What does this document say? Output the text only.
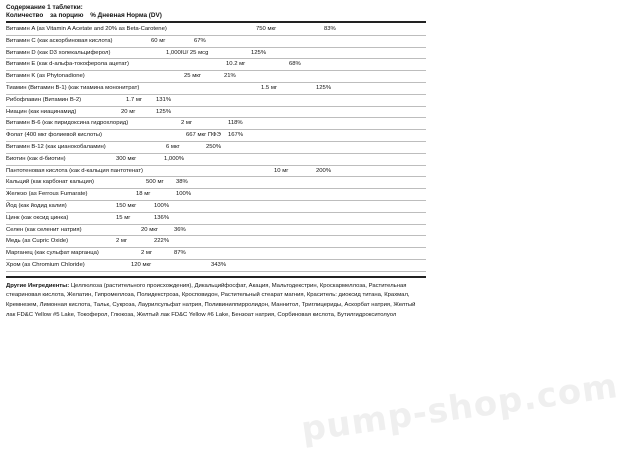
Содержание 1 таблетки:
Количество за порцию % Дневная Норма (DV)
Витамин A (as Vitamin A Acetate and 20% as Beta-Carotene)	750 мкг	83%
Витамин C (как аскорбиновая кислота)	60 мг	67%
Витамин D (как D3 холекальциферол)	1,000IU/ 25 мсg	125%
Витамин E (как d-альфа-токоферола ацетат)	10.2 мг	68%
Витамин K (as Phytonadione)	25 мкг	21%
Тиамин (Витамин В-1) (как тиамина мононитрат)	1.5 мг	125%
Рибофлавин (Витамин В-2)	1.7 мг 131%
Ниацин (как ниацинамид)	20 мг	125%
Витамин В-6 (как пиридоксина гидрохлорид)	2 мг	118%
Фолат (400 мкг фолиевой кислоты)	667 мкг ПФЭ 167%
Витамин В-12 (как цианокобаламин)	6 мкг	250%
Биотин (как d-биотин)	300 мкг	1,000%
Пантотеновая кислота (как d-кальция пантотенат)	10 мг	200%
Кальций (как карбонат кальция)	500 мг 38%
Железо (as Ferrous Fumarate)	18 мг	100%
Йод (как йодид калия)	150 мкг	100%
Цинк (как оксид цинка)	15 мг	136%
Селен (как селенит натрия)	20 мкг	36%
Медь (as Cupric Oxide)	2 мг	222%
Марганец (как сульфат марганца)	2 мг	87%
Хром (as Chromium Chloride)	120 мкг	343%
Другие Ингредиенты: Целлюлоза (растительного происхождения), Дикальцийфосфат, Акация, Мальтодекстрин, Кроскармеллоза, Растительная стеариновая кислота, Желатин, Гипромеллоза, Полидекстроза, Кросповидон, Растительный стеарат магния, Краситель: диоксид титана, Крахмал, Кремнезем, Лимонная кислота, Тальк, Сукроза, Лаурилсульфат натрия, Поливинилпирролидон, Маннитол, Триглицериды, Аскорбат натрия, Желтый лак FD&C Yellow #5 Lake, Токоферол, Глюкоза, Желтый лак FD&C Yellow #6 Lake, Бензоат натрия, Сорбиновая кислота, Бутилгидрокситолуол
pump-shop.com
